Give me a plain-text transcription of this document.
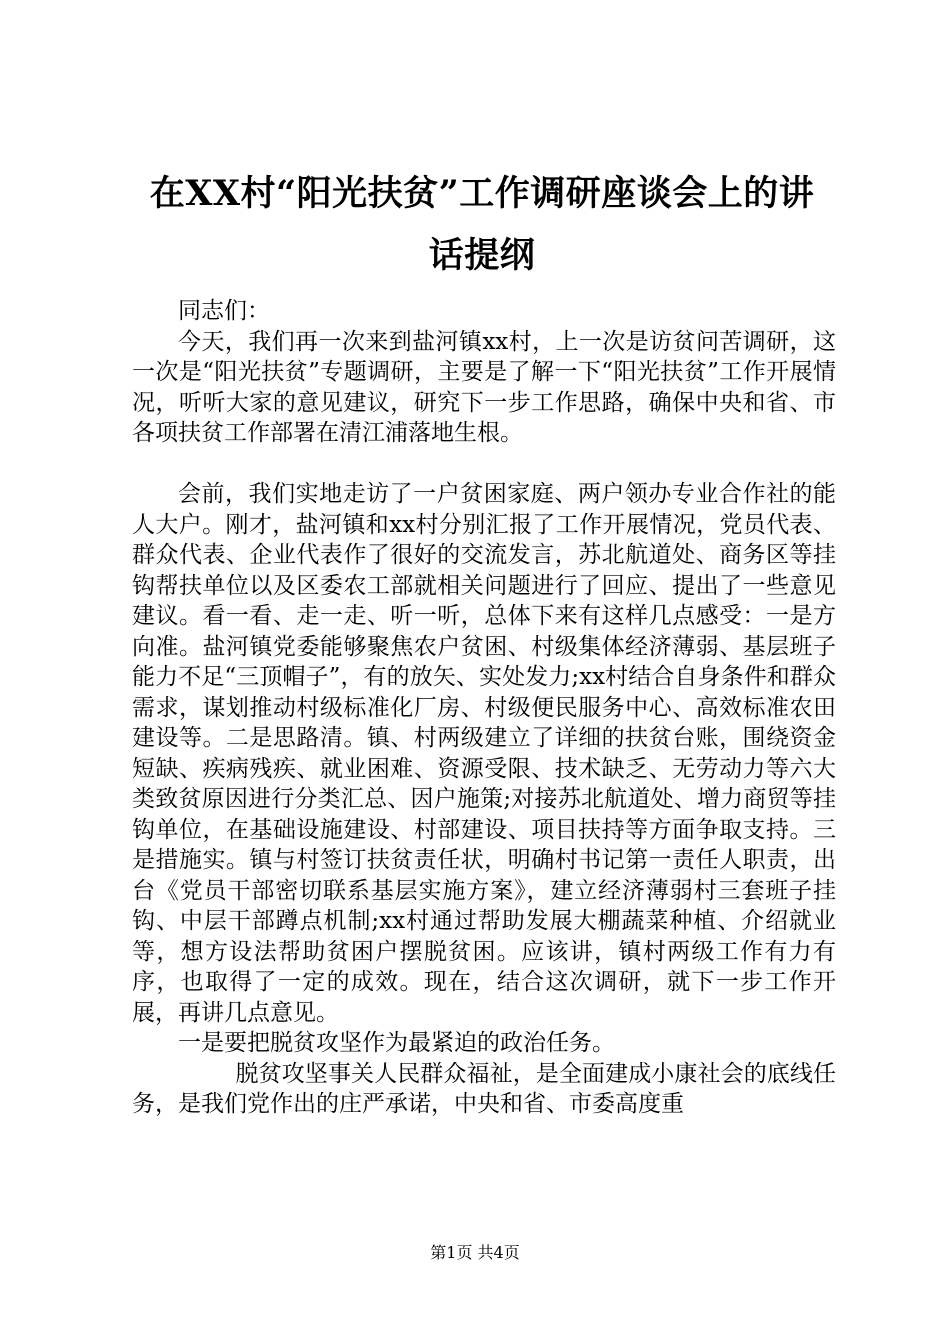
在XX村“阳光扶贫”工作调研座谈会上的讲话提纲

同志们：

今天，我们再一次来到盐河镇xx村，上一次是访贫问苦调研，这一次是“阳光扶贫”专题调研，主要是了解一下“阳光扶贫”工作开展情况，听听大家的意见建议，研究下一步工作思路，确保中央和省、市各项扶贫工作部署在清江浦落地生根。

会前，我们实地走访了一户贫困家庭、两户领办专业合作社的能人大户。刚才，盐河镇和xx村分别汇报了工作开展情况，党员代表、群众代表、企业代表作了很好的交流发言，苏北航道处、商务区等挂钩帮扶单位以及区委农工部就相关问题进行了回应、提出了一些意见建议。看一看、走一走、听一听，总体下来有这样几点感受：一是方向准。盐河镇党委能够聚焦农户贫困、村级集体经济薄弱、基层班子能力不足“三顶帽子”，有的放矢、实处发力;xx村结合自身条件和群众需求，谋划推动村级标准化厂房、村级便民服务中心、高效标准农田建设等。二是思路清。镇、村两级建立了详细的扶贫台账，围绕资金短缺、疾病残疾、就业困难、资源受限、技术缺乏、无劳动力等六大类致贫原因进行分类汇总、因户施策;对接苏北航道处、增力商贸等挂钩单位，在基础设施建设、村部建设、项目扶持等方面争取支持。三是措施实。镇与村签订扶贫责任状，明确村书记第一责任人职责，出台《党员干部密切联系基层实施方案》，建立经济薄弱村三套班子挂钩、中层干部蹲点机制;xx村通过帮助发展大棚蔬菜种植、介绍就业等，想方设法帮助贫困户摆脱贫困。应该讲，镇村两级工作有力有序，也取得了一定的成效。现在，结合这次调研，就下一步工作开展，再讲几点意见。

一是要把脱贫攻坚作为最紧迫的政治任务。

脱贫攻坚事关人民群众福祉，是全面建成小康社会的底线任务，是我们党作出的庄严承诺，中央和省、市委高度重

第1页 共4页
